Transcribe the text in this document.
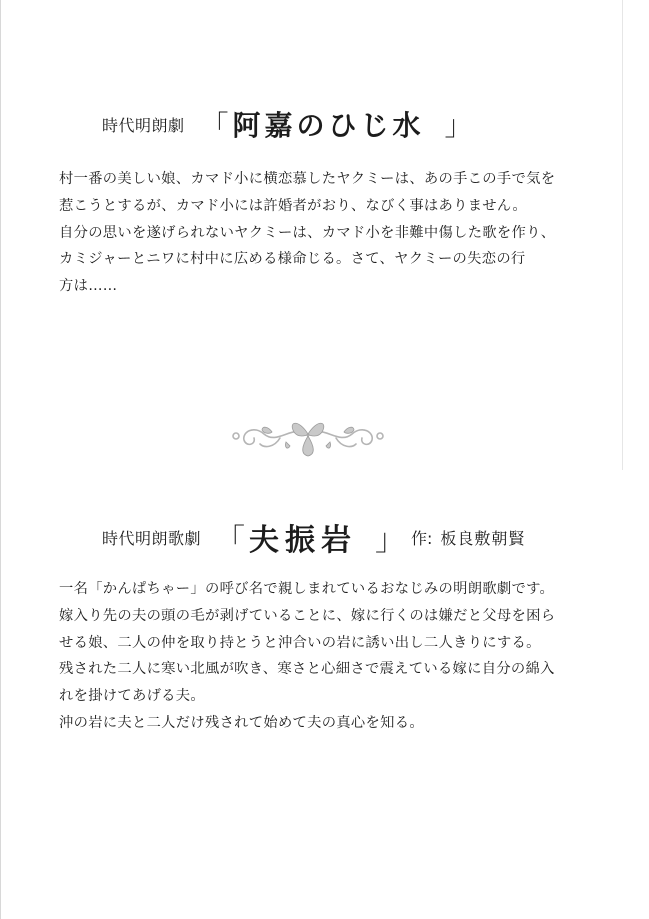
時代明朗劇 「 阿嘉のひじ水 」

村一番の美しい娘、カマド小に横恋慕したヤクミーは、あの手この手で気を

惹こうとするが、カマド小には許婚者がおり、なびく事はありません。

自分の思いを遂げられないヤクミーは、カマド小を非難中傷した歌を作り、

カミジャーとニワに村中に広める様命じる。さて、ヤクミーの失恋の行

方は……

時代明朗歌劇 「 夫振岩 」 作: 板良敷朝賢

一名「かんぱちゃー」の呼び名で親しまれているおなじみの明朗歌劇です。

嫁入り先の夫の頭の毛が剥げていることに、嫁に行くのは嫌だと父母を困ら

せる娘、二人の仲を取り持とうと沖合いの岩に誘い出し二人きりにする。

残された二人に寒い北風が吹き、寒さと心細さで震えている嫁に自分の綿入

れを掛けてあげる夫。

沖の岩に夫と二人だけ残されて始めて夫の真心を知る。
